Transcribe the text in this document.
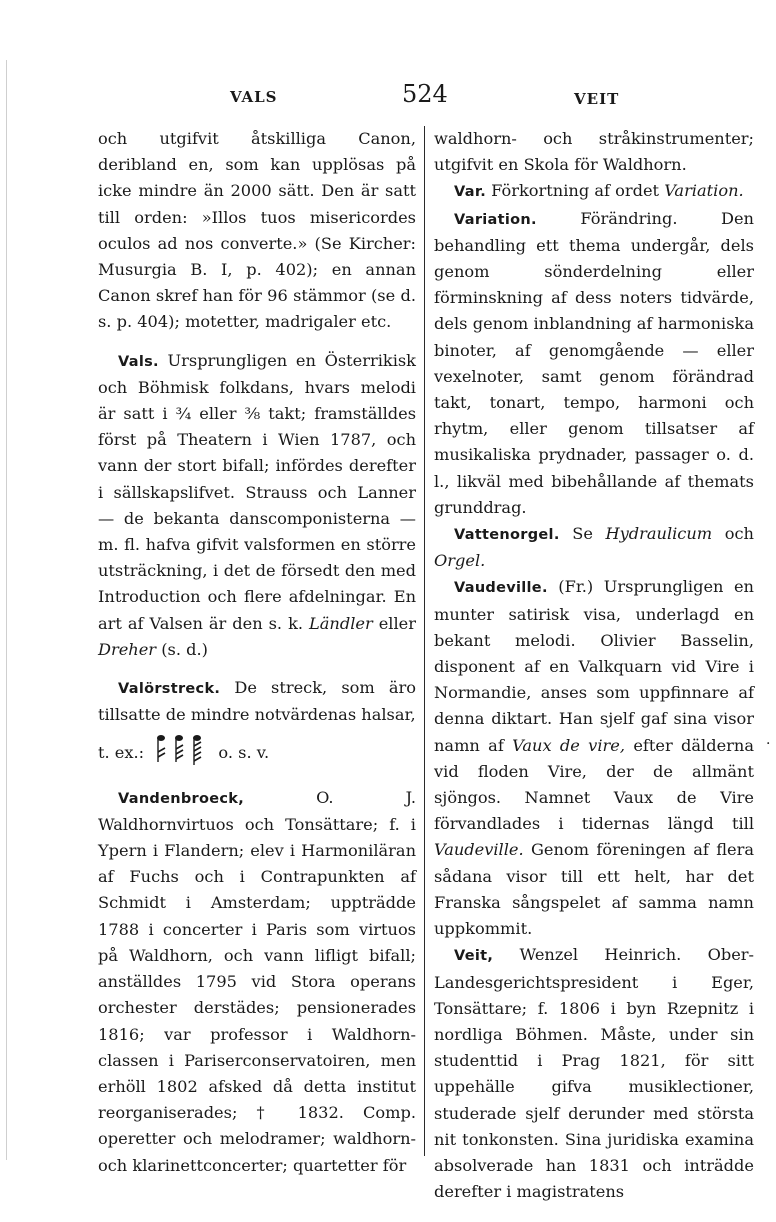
VALS	524	VEIT

och utgifvit åtskilliga Canon, deribland en, som kan upplösas på icke mindre än 2000 sätt. Den är satt till orden: »Illos tuos misericordes oculos ad nos converte.» (Se Kircher: Musurgia B. I, p. 402); en annan Canon skref han för 96 stämmor (se d. s. p. 404); motetter, madrigaler etc.

Vals. Ursprungligen en Österrikisk och Böhmisk folkdans, hvars melodi är satt i ¾ eller ⅜ takt; framställdes först på Theatern i Wien 1787, och vann der stort bifall; infördes derefter i sällskapslifvet. Strauss och Lanner — de bekanta danscomponisterna — m. fl. hafva gifvit valsformen en större utsträckning, i det de försedt den med Introduction och flere afdelningar. En art af Valsen är den s. k. Ländler eller Dreher (s. d.)

Valörstreck. De streck, som äro tillsatte de mindre notvärdenas halsar,

t. ex.:	o. s. v.

Vandenbroeck,	O. J. Waldhornvirtuos och Tonsättare; f. i Ypern i Flandern; elev i Harmoniläran af Fuchs och i Contrapunkten af Schmidt i Amsterdam; uppträdde 1788 i concerter i Paris som virtuos på Waldhorn, och vann lifligt bifall; anställdes 1795 vid Stora operans orchester derstädes; pensionerades 1816; var professor i Waldhorn-classen i Pariserconservatoiren, men erhöll 1802 afsked då detta institut reorganiserades; † 1832. Comp. operetter och melodramer; waldhorn- och klarinettconcerter; quartetter för

waldhorn- och stråkinstrumenter; utgifvit en Skola för Waldhorn.

Var. Förkortning af ordet Variation.

Variation.	Förändring. Den behandling ett thema undergår, dels genom sönderdelning eller förminskning af dess noters tidvärde, dels genom inblandning af harmoniska binoter, af genomgående — eller vexelnoter, samt genom förändrad takt, tonart, tempo, harmoni och rhytm, eller genom tillsatser af musikaliska prydnader, passager o. d. l., likväl med bibehållande af themats grunddrag.

Vattenorgel. Se Hydraulicum och Orgel.

Vaudeville. (Fr.) Ursprungligen en munter satirisk visa, underlagd en bekant melodi. Olivier Basselin, disponent af en Valkquarn vid Vire i Normandie, anses som uppfinnare af denna diktart. Han sjelf gaf sina visor namn af Vaux de vire, efter dälderna vid floden Vire, der de allmänt sjöngos. Namnet Vaux de Vire förvandlades i tidernas längd till Vaudeville. Genom föreningen af flera sådana visor till ett helt, har det Franska sångspelet af samma namn uppkommit.

Veit, Wenzel Heinrich. Ober-Landesgerichtspresident i Eger, Tonsättare; f. 1806 i byn Rzepnitz i nordliga Böhmen. Måste, under sin studenttid i Prag 1821, för sitt uppehälle gifva musiklectioner, studerade sjelf derunder med största nit tonkonsten. Sina juridiska examina absolverade han 1831 och inträdde derefter i magistratens

·
